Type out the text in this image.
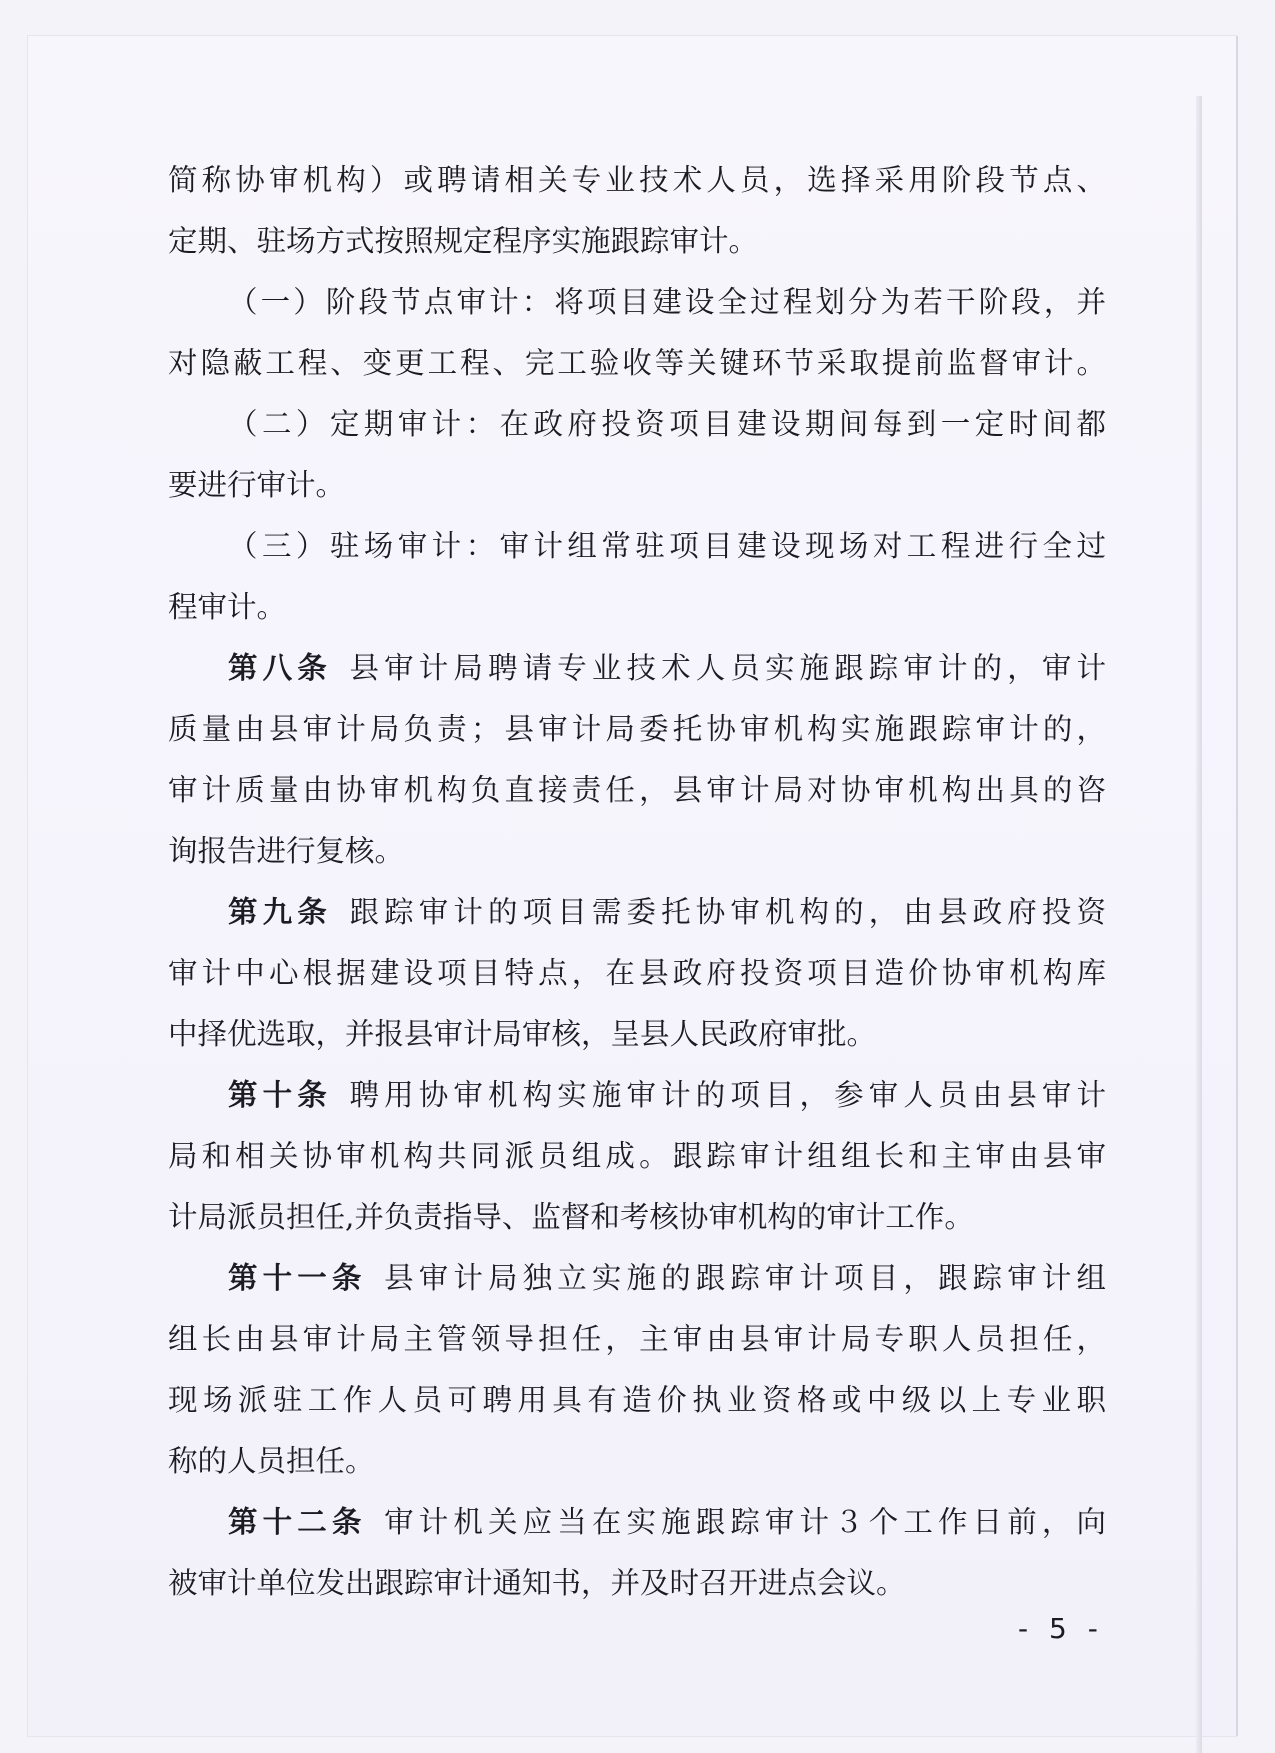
简称协审机构）或聘请相关专业技术人员，选择采用阶段节点、
定期、驻场方式按照规定程序实施跟踪审计。
（一）阶段节点审计：将项目建设全过程划分为若干阶段，并
对隐蔽工程、变更工程、完工验收等关键环节采取提前监督审计。
（二）定期审计：在政府投资项目建设期间每到一定时间都
要进行审计。
（三）驻场审计：审计组常驻项目建设现场对工程进行全过
程审计。
第八条 县审计局聘请专业技术人员实施跟踪审计的，审计
质量由县审计局负责；县审计局委托协审机构实施跟踪审计的，
审计质量由协审机构负直接责任，县审计局对协审机构出具的咨
询报告进行复核。
第九条 跟踪审计的项目需委托协审机构的，由县政府投资
审计中心根据建设项目特点，在县政府投资项目造价协审机构库
中择优选取，并报县审计局审核，呈县人民政府审批。
第十条 聘用协审机构实施审计的项目，参审人员由县审计
局和相关协审机构共同派员组成。跟踪审计组组长和主审由县审
计局派员担任,并负责指导、监督和考核协审机构的审计工作。
第十一条 县审计局独立实施的跟踪审计项目，跟踪审计组
组长由县审计局主管领导担任，主审由县审计局专职人员担任，
现场派驻工作人员可聘用具有造价执业资格或中级以上专业职
称的人员担任。
第十二条 审计机关应当在实施跟踪审计３个工作日前，向
被审计单位发出跟踪审计通知书，并及时召开进点会议。
- 5 -
